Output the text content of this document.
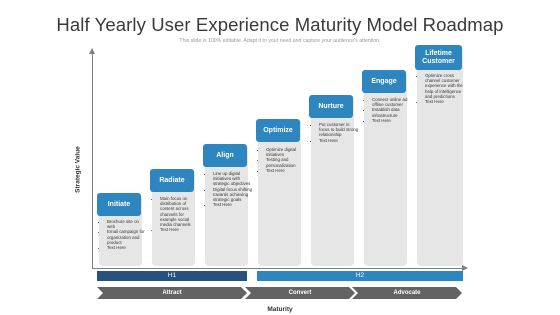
Half Yearly User Experience Maturity Model Roadmap
This slide is 100% editable. Adapt it to your need and capture your audience's attention.
Strategic Value
Maturity
Initiate
• Brochure site on web
• Email campaign for organization and product
• Text Here
Radiate
• Main focus on distribution of content across channels for example social media channels
• Text Here
Align
• Line up digital initiatives with strategic objectives
• Digital focus shifting towards achieving strategic goals
• Text Here
Optimize
• Optimize digital initiatives
• Testing and personalization
• Text Here
Nurture
• Put customer in focus to build strong relationship
• Text Here
Engage
• Connect online ad offline customer
• Establish data infrastructure
• Text Here
Lifetime Customer
• Optimize cross channel customer experience with the help of intelligence and predictions
• Text Here
H1	H2
Attract	Convert	Advocate
